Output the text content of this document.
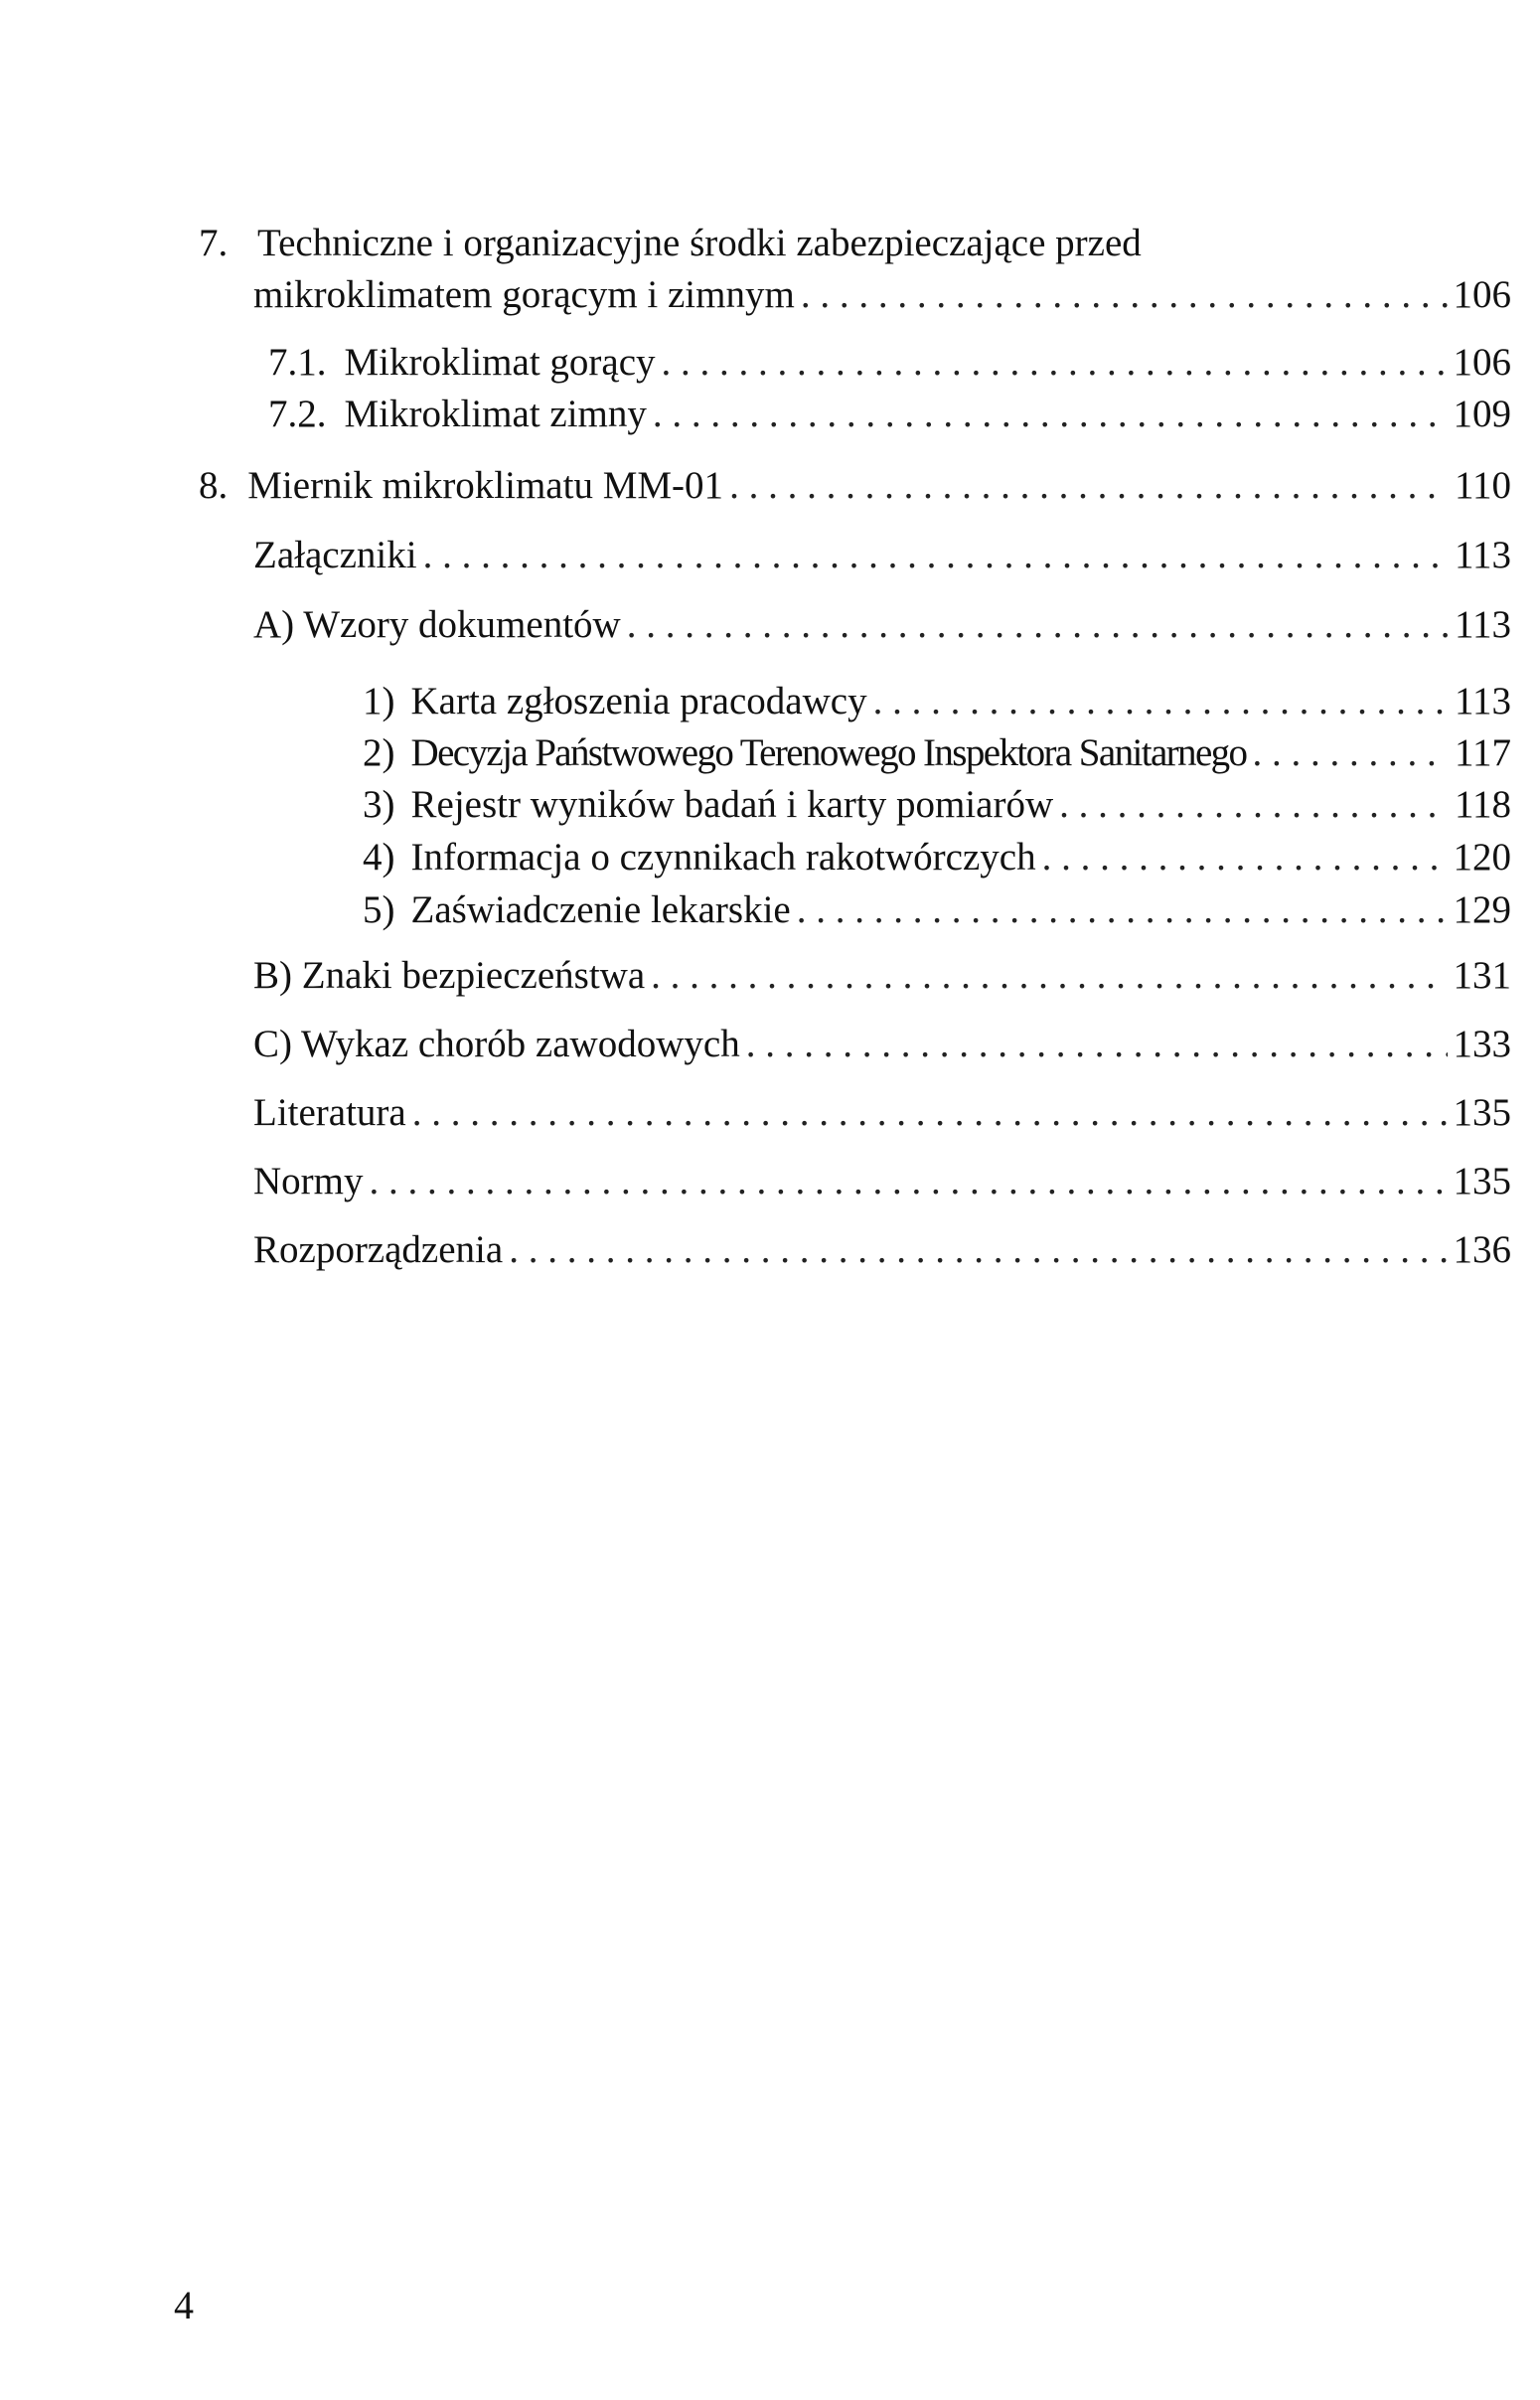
7. Techniczne i organizacyjne środki zabezpieczające przed
mikroklimatem gorącym i zimnym . . .	106
7.1. Mikroklimat gorący . . .	106
7.2. Mikroklimat zimny . . .	109
8. Miernik mikroklimatu MM-01 . . .	110
Załączniki . . .	113
A) Wzory dokumentów . . .	113
1) Karta zgłoszenia pracodawcy . . .	113
2) Decyzja Państwowego Terenowego Inspektora Sanitarnego . . .	117
3) Rejestr wyników badań i karty pomiarów . . .	118
4) Informacja o czynnikach rakotwórczych . . .	120
5) Zaświadczenie lekarskie . . .	129
B) Znaki bezpieczeństwa . . .	131
C) Wykaz chorób zawodowych . . .	133
Literatura . . .	135
Normy . . .	135
Rozporządzenia . . .	136
4
